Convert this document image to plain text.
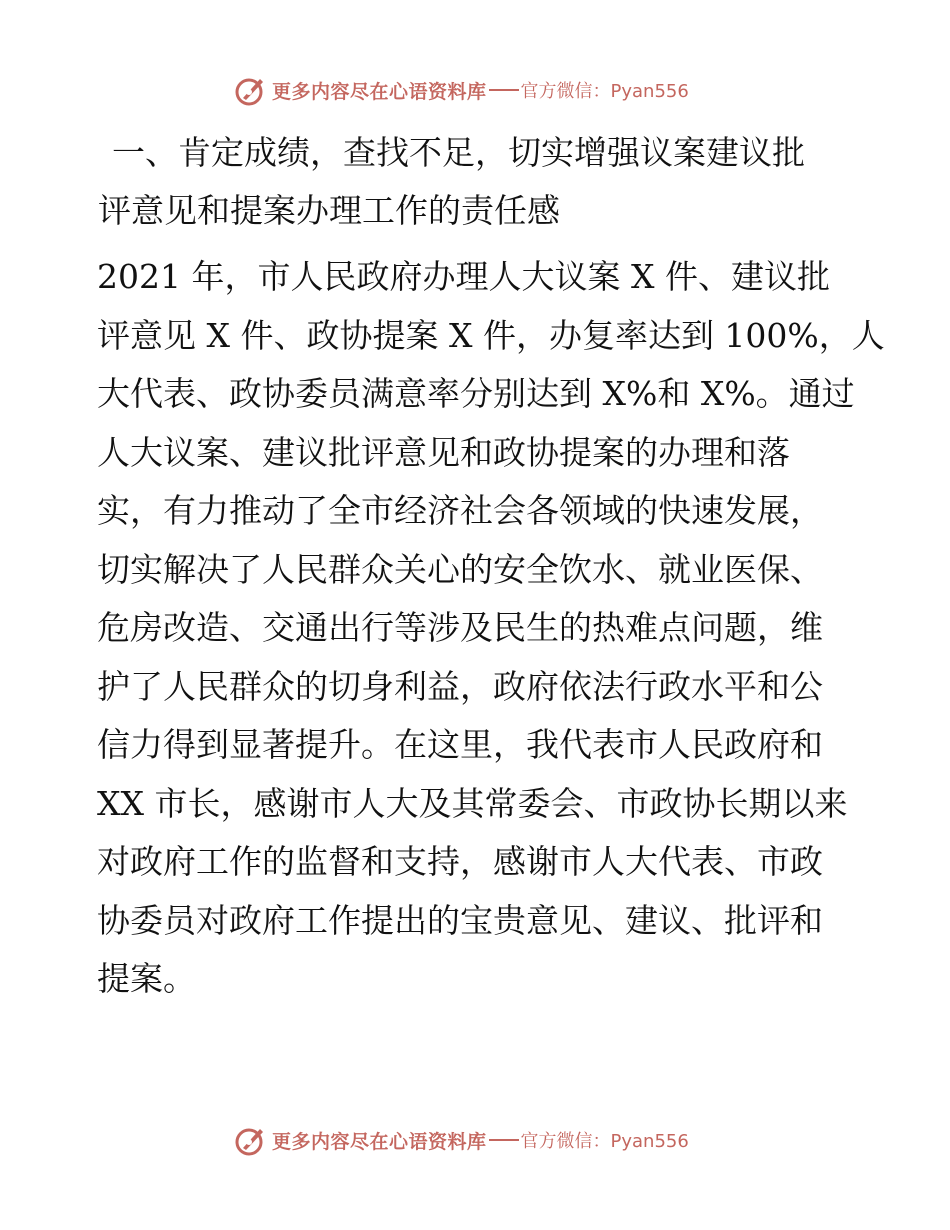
更多内容尽在心语资料库 官方微信：Pyan556
一、肯定成绩，查找不足，切实增强议案建议批
评意见和提案办理工作的责任感
2021 年，市人民政府办理人大议案 X 件、建议批
评意见 X 件、政协提案 X 件，办复率达到 100%，人
大代表、政协委员满意率分别达到 X%和 X%。通过
人大议案、建议批评意见和政协提案的办理和落
实，有力推动了全市经济社会各领域的快速发展，
切实解决了人民群众关心的安全饮水、就业医保、
危房改造、交通出行等涉及民生的热难点问题，维
护了人民群众的切身利益，政府依法行政水平和公
信力得到显著提升。在这里，我代表市人民政府和
XX 市长，感谢市人大及其常委会、市政协长期以来
对政府工作的监督和支持，感谢市人大代表、市政
协委员对政府工作提出的宝贵意见、建议、批评和
提案。
更多内容尽在心语资料库 官方微信：Pyan556
